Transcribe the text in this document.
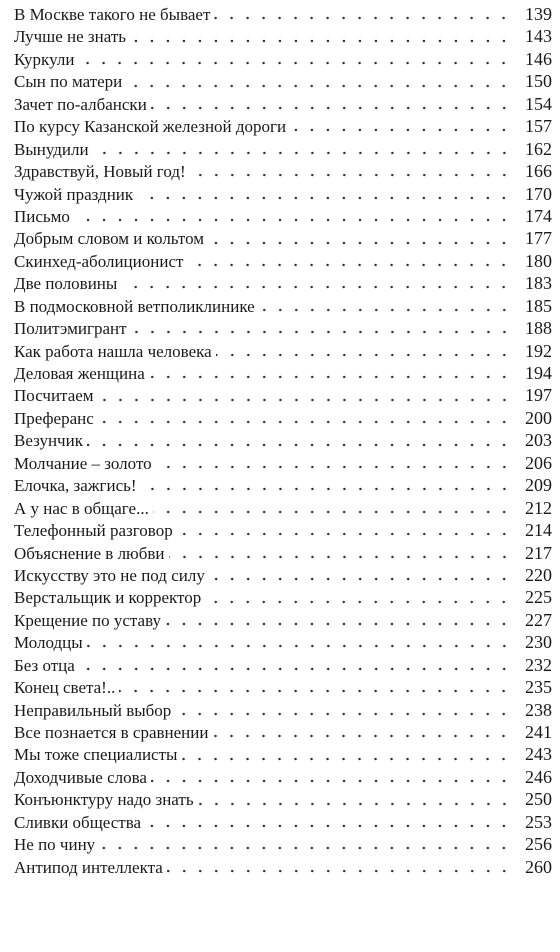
В Москве такого не бывает	139
Лучше не знать	143
Куркули	146
Сын по матери	150
Зачет по-албански	154
По курсу Казанской железной дороги	157
Вынудили	162
Здравствуй, Новый год!	166
Чужой праздник	170
Письмо	174
Добрым словом и кольтом	177
Скинхед-аболиционист	180
Две половины	183
В подмосковной ветполиклинике	185
Политэмигрант	188
Как работа нашла человека	192
Деловая женщина	194
Посчитаем	197
Преферанс	200
Везунчик	203
Молчание – золото	206
Елочка, зажгись!	209
А у нас в общаге...	212
Телефонный разговор	214
Объяснение в любви	217
Искусству это не под силу	220
Верстальщик и корректор	225
Крещение по уставу	227
Молодцы	230
Без отца	232
Конец света!..	235
Неправильный выбор	238
Все познается в сравнении	241
Мы тоже специалисты	243
Доходчивые слова	246
Конъюнктуру надо знать	250
Сливки общества	253
Не по чину	256
Антипод интеллекта	260
